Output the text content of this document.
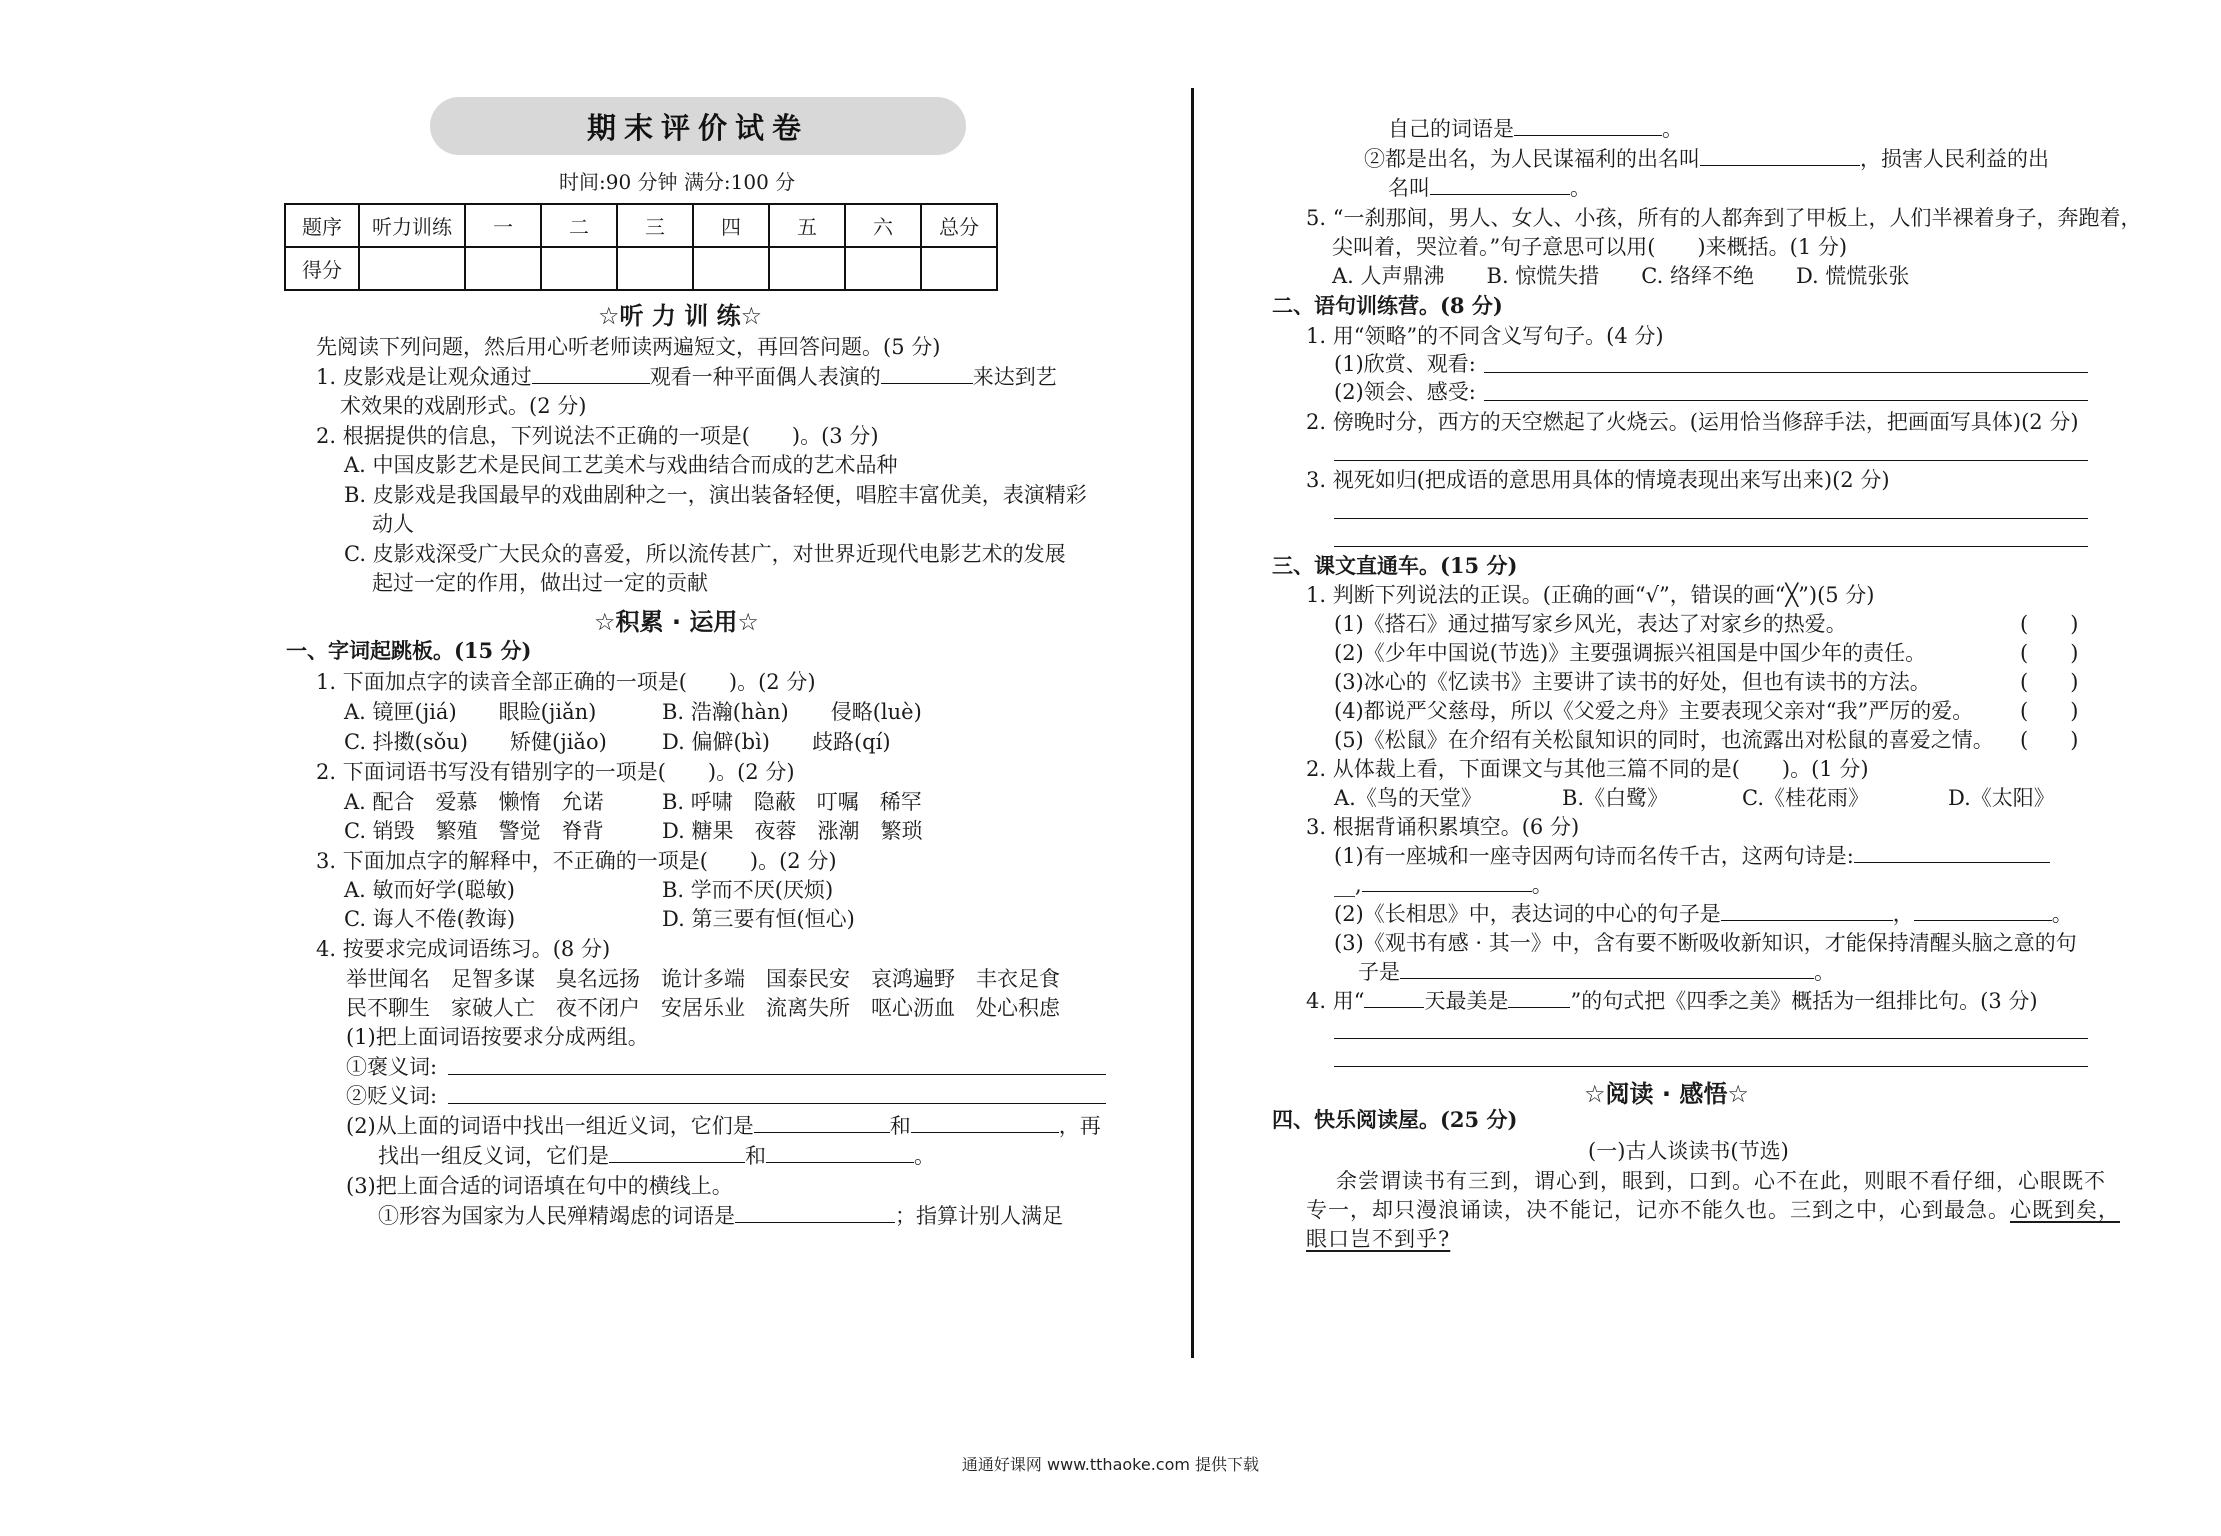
期末评价试卷
时间:90 分钟 满分:100 分
题序	听力训练	一	二	三	四	五	六	总分
得分								
☆听 力 训 练☆
先阅读下列问题，然后用心听老师读两遍短文，再回答问题。(5 分)
1. 皮影戏是让观众通过	观看一种平面偶人表演的	来达到艺
术效果的戏剧形式。(2 分)
2. 根据提供的信息，下列说法不正确的一项是(　　)。(3 分)
A. 中国皮影艺术是民间工艺美术与戏曲结合而成的艺术品种
B. 皮影戏是我国最早的戏曲剧种之一，演出装备轻便，唱腔丰富优美，表演精彩
动人
C. 皮影戏深受广大民众的喜爱，所以流传甚广，对世界近现代电影艺术的发展
起过一定的作用，做出过一定的贡献
☆积累 · 运用☆
一、字词起跳板。(15 分)
1. 下面加点字的读音全部正确的一项是(　　)。(2 分)
A. 镜匣(jiá)　　眼睑(jiǎn)	B. 浩瀚(hàn)　　侵略(luè)
C. 抖擞(sǒu)　　矫健(jiǎo)	D. 偏僻(bì)　　歧路(qí)
2. 下面词语书写没有错别字的一项是(　　)。(2 分)
A. 配合　爱慕　懒惰　允诺	B. 呼啸　隐蔽　叮嘱　稀罕
C. 销毁　繁殖　警觉　脊背	D. 糖果　夜蓉　涨潮　繁琐
3. 下面加点字的解释中，不正确的一项是(　　)。(2 分)
A. 敏而好学(聪敏)	B. 学而不厌(厌烦)
C. 诲人不倦(教诲)	D. 第三要有恒(恒心)
4. 按要求完成词语练习。(8 分)
举世闻名　足智多谋　臭名远扬　诡计多端　国泰民安　哀鸿遍野　丰衣足食
民不聊生　家破人亡　夜不闭户　安居乐业　流离失所　呕心沥血　处心积虑
(1)把上面词语按要求分成两组。
①褒义词:
②贬义词:
(2)从上面的词语中找出一组近义词，它们是	和	，再
找出一组反义词，它们是	和	。
(3)把上面合适的词语填在句中的横线上。
①形容为国家为人民殚精竭虑的词语是	；指算计别人满足
自己的词语是	。
②都是出名，为人民谋福利的出名叫	，损害人民利益的出
名叫	。
5. “一刹那间，男人、女人、小孩，所有的人都奔到了甲板上，人们半裸着身子，奔跑着，
尖叫着，哭泣着。”句子意思可以用(　　)来概括。(1 分)
A. 人声鼎沸　　B. 惊慌失措　　C. 络绎不绝　　D. 慌慌张张
二、语句训练营。(8 分)
1. 用“领略”的不同含义写句子。(4 分)
(1)欣赏、观看:
(2)领会、感受:
2. 傍晚时分，西方的天空燃起了火烧云。(运用恰当修辞手法，把画面写具体)(2 分)
3. 视死如归(把成语的意思用具体的情境表现出来写出来)(2 分)
三、课文直通车。(15 分)
1. 判断下列说法的正误。(正确的画“√”，错误的画“╳”)(5 分)
(1)《搭石》通过描写家乡风光，表达了对家乡的热爱。	(　　)
(2)《少年中国说(节选)》主要强调振兴祖国是中国少年的责任。	(　　)
(3)冰心的《忆读书》主要讲了读书的好处，但也有读书的方法。	(　　)
(4)都说严父慈母，所以《父爱之舟》主要表现父亲对“我”严厉的爱。 (　　)
(5)《松鼠》在介绍有关松鼠知识的同时，也流露出对松鼠的喜爱之情。 (　　)
2. 从体裁上看，下面课文与其他三篇不同的是(　　)。(1 分)
A.《鸟的天堂》	B.《白鹭》	C.《桂花雨》	D.《太阳》
3. 根据背诵积累填空。(6 分)
(1)有一座城和一座寺因两句诗而名传千古，这两句诗是:
__,	。
(2)《长相思》中，表达词的中心的句子是	，	。
(3)《观书有感 · 其一》中，含有要不断吸收新知识，才能保持清醒头脑之意的句
子是	。
4. 用“	天最美是	”的句式把《四季之美》概括为一组排比句。(3 分)
☆阅读 · 感悟☆
四、快乐阅读屋。(25 分)
(一)古人谈读书(节选)
余尝谓读书有三到，谓心到，眼到，口到。心不在此，则眼不看仔细，心眼既不
专一，却只漫浪诵读，决不能记，记亦不能久也。三到之中，心到最急。心既到矣，
眼口岂不到乎?
通通好课网 www.tthaoke.com 提供下载
